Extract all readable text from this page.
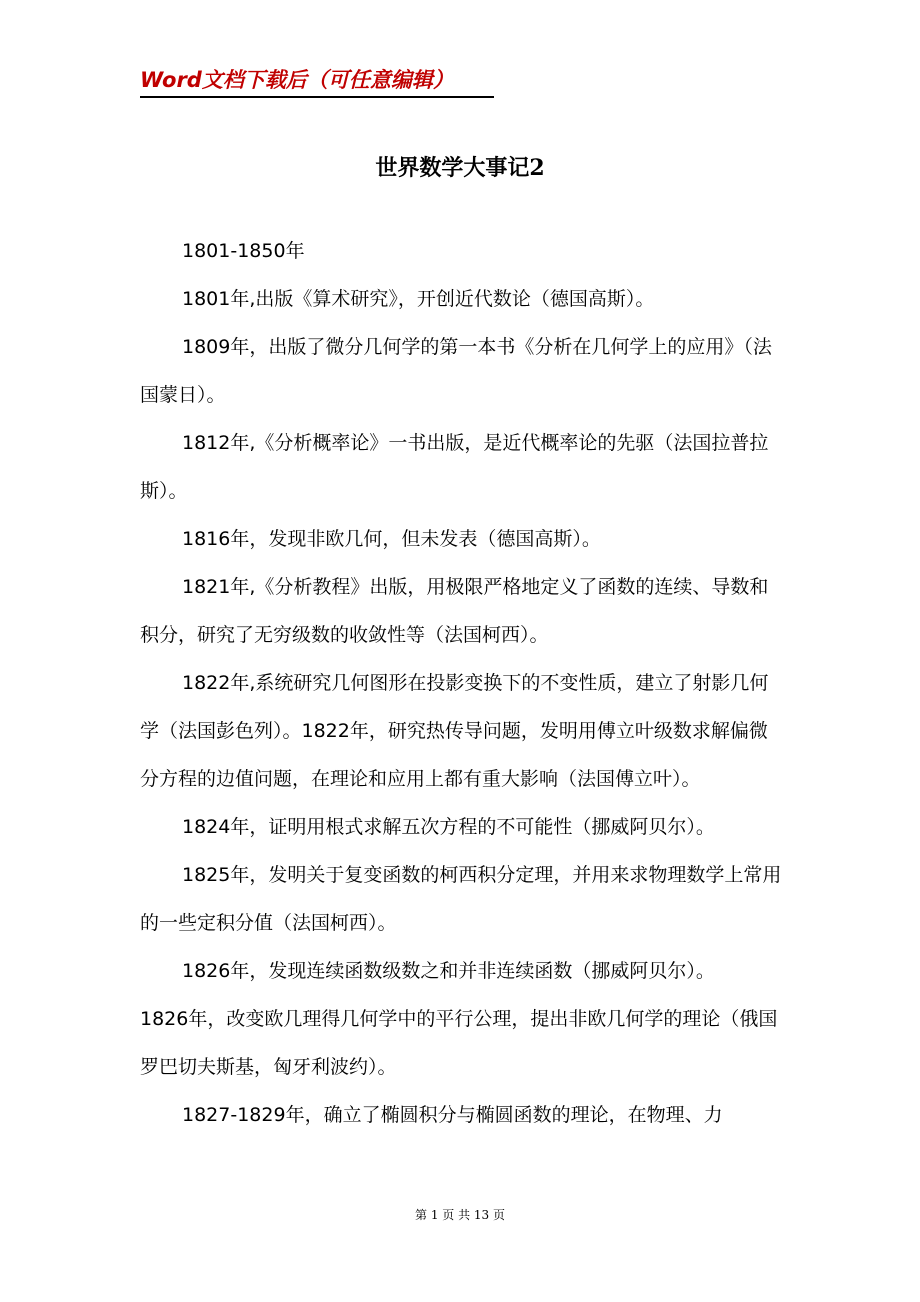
Word文档下载后（可任意编辑）
世界数学大事记2

1801-1850年

1801年,出版《算术研究》，开创近代数论（德国高斯）。

1809年，出版了微分几何学的第一本书《分析在几何学上的应用》（法国蒙日）。

1812年,《分析概率论》一书出版，是近代概率论的先驱（法国拉普拉斯）。

1816年，发现非欧几何，但未发表（德国高斯）。

1821年,《分析教程》出版，用极限严格地定义了函数的连续、导数和积分，研究了无穷级数的收敛性等（法国柯西）。

1822年,系统研究几何图形在投影变换下的不变性质，建立了射影几何学（法国彭色列）。1822年，研究热传导问题，发明用傅立叶级数求解偏微分方程的边值问题，在理论和应用上都有重大影响（法国傅立叶）。

1824年，证明用根式求解五次方程的不可能性（挪威阿贝尔）。

1825年，发明关于复变函数的柯西积分定理，并用来求物理数学上常用的一些定积分值（法国柯西）。

1826年，发现连续函数级数之和并非连续函数（挪威阿贝尔）。

1826年，改变欧几理得几何学中的平行公理，提出非欧几何学的理论（俄国罗巴切夫斯基，匈牙利波约）。

1827-1829年，确立了椭圆积分与椭圆函数的理论，在物理、力

第 1 页 共 13 页
